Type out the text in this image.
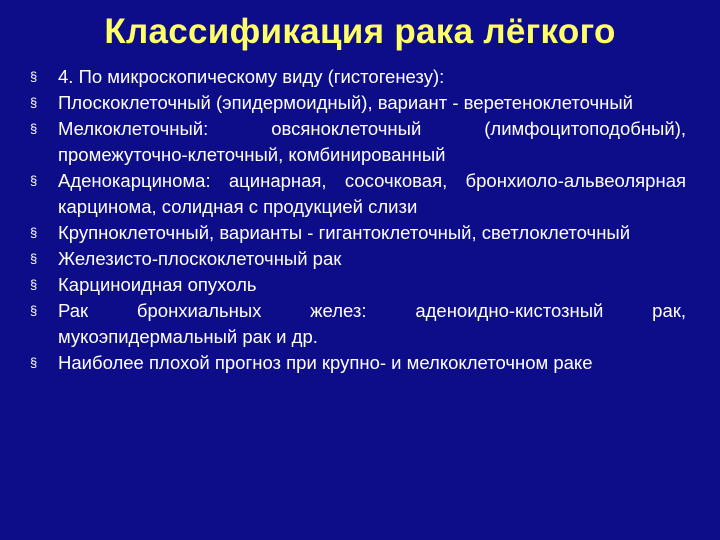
Классификация рака лёгкого
§	4. По микроскопическому виду (гистогенезу):
§	Плоскоклеточный (эпидермоидный), вариант - веретеноклеточный
§	Мелкоклеточный: овсяноклеточный (лимфоцитоподобный), промежуточно-клеточный, комбинированный
§	Аденокарцинома: ацинарная, сосочковая, бронхиоло-альвеолярная карцинома, солидная с продукцией слизи
§	Крупноклеточный, варианты - гигантоклеточный, светлоклеточный
§	Железисто-плоскоклеточный рак
§	Карциноидная опухоль
§	Рак бронхиальных желез: аденоидно-кистозный рак, мукоэпидермальный рак и др.
§	Наиболее плохой прогноз при крупно- и мелкоклеточном раке
